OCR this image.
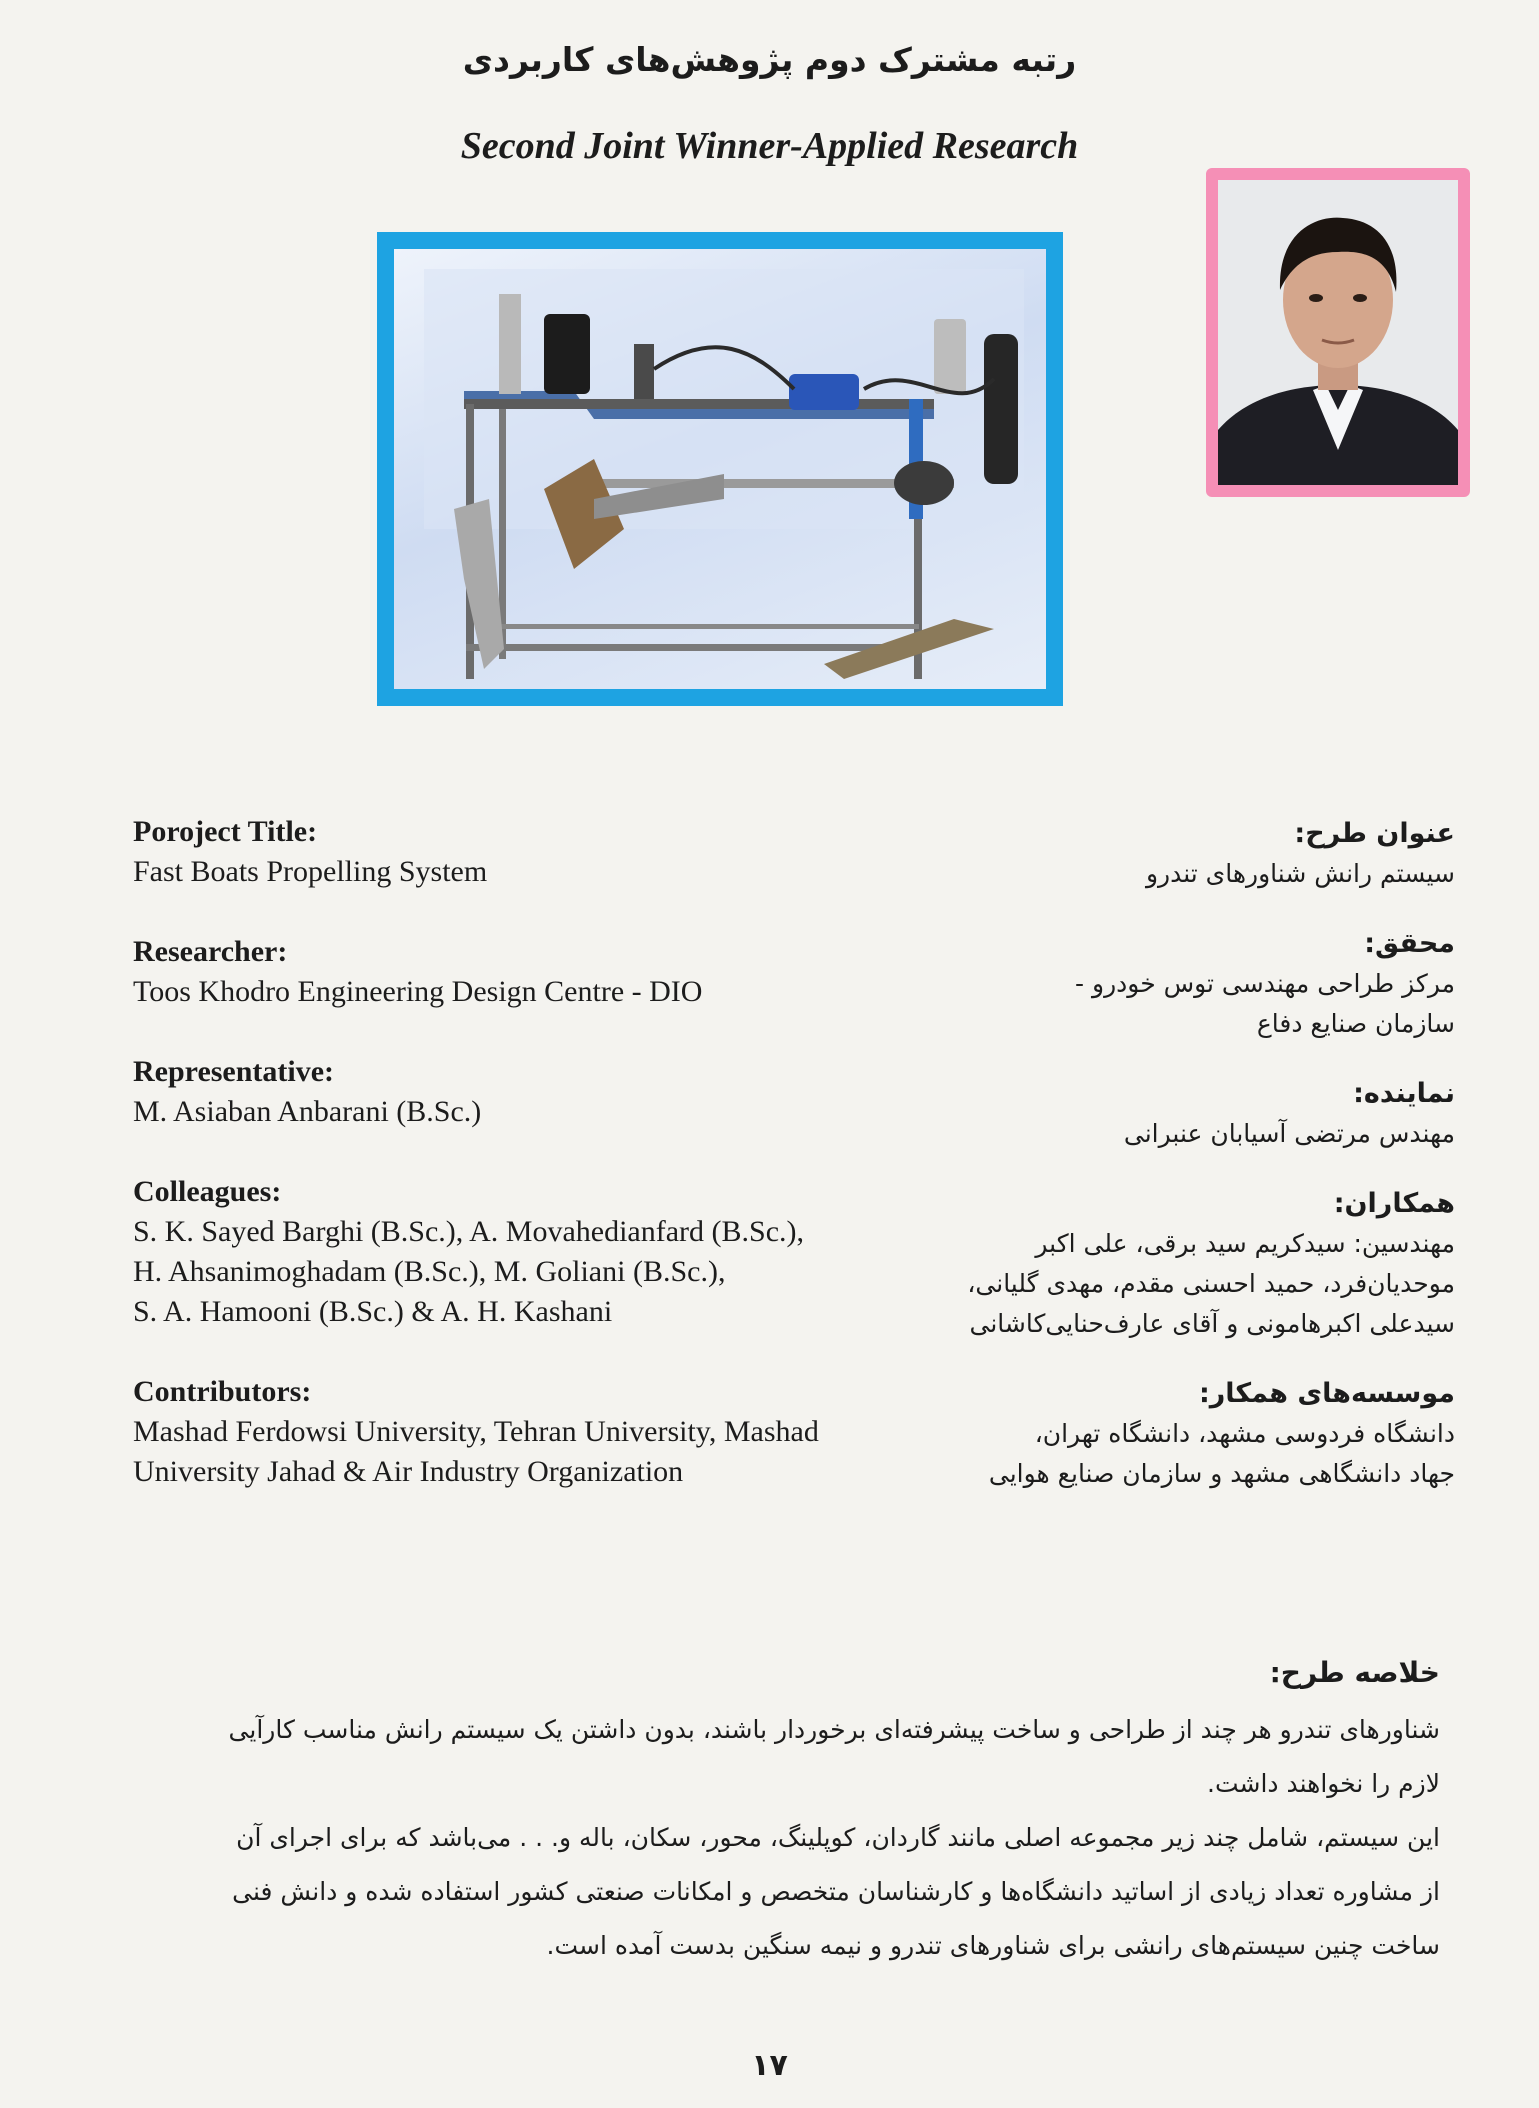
رتبه مشترک دوم پژوهش‌های کاربردی
Second Joint Winner-Applied Research
Poroject Title:
Fast Boats Propelling System
Researcher:
Toos Khodro Engineering Design Centre - DIO
Representative:
M. Asiaban Anbarani (B.Sc.)
Colleagues:
S. K. Sayed Barghi (B.Sc.), A. Movahedianfard (B.Sc.),
H. Ahsanimoghadam (B.Sc.), M. Goliani (B.Sc.),
S. A. Hamooni (B.Sc.) & A. H. Kashani
Contributors:
Mashad Ferdowsi University, Tehran University, Mashad
University Jahad & Air Industry Organization
عنوان طرح:
سیستم رانش شناورهای تندرو
محقق:
مرکز طراحی مهندسی توس خودرو -
سازمان صنایع دفاع
نماینده:
مهندس مرتضی آسیابان عنبرانی
همکاران:
مهندسین: سیدکریم سید برقی، علی اکبر
موحدیان‌فرد، حمید احسنی مقدم، مهدی گلیانی،
سیدعلی اکبرهامونی و آقای عارف‌حنایی‌کاشانی
موسسه‌های همکار:
دانشگاه فردوسی مشهد، دانشگاه تهران،
جهاد دانشگاهی مشهد و سازمان صنایع هوایی
خلاصه طرح:

شناورهای تندرو هر چند از طراحی و ساخت پیشرفته‌ای برخوردار باشند، بدون داشتن یک سیستم رانش مناسب کارآیی

لازم را نخواهند داشت.

این سیستم، شامل چند زیر مجموعه اصلی مانند گاردان، کوپلینگ، محور، سکان، باله و. . . می‌باشد که برای اجرای آن

از مشاوره تعداد زیادی از اساتید دانشگاه‌ها و کارشناسان متخصص و امکانات صنعتی کشور استفاده شده و دانش فنی

ساخت چنین سیستم‌های رانشی برای شناورهای تندرو و نیمه سنگین بدست آمده است.

۱۷
